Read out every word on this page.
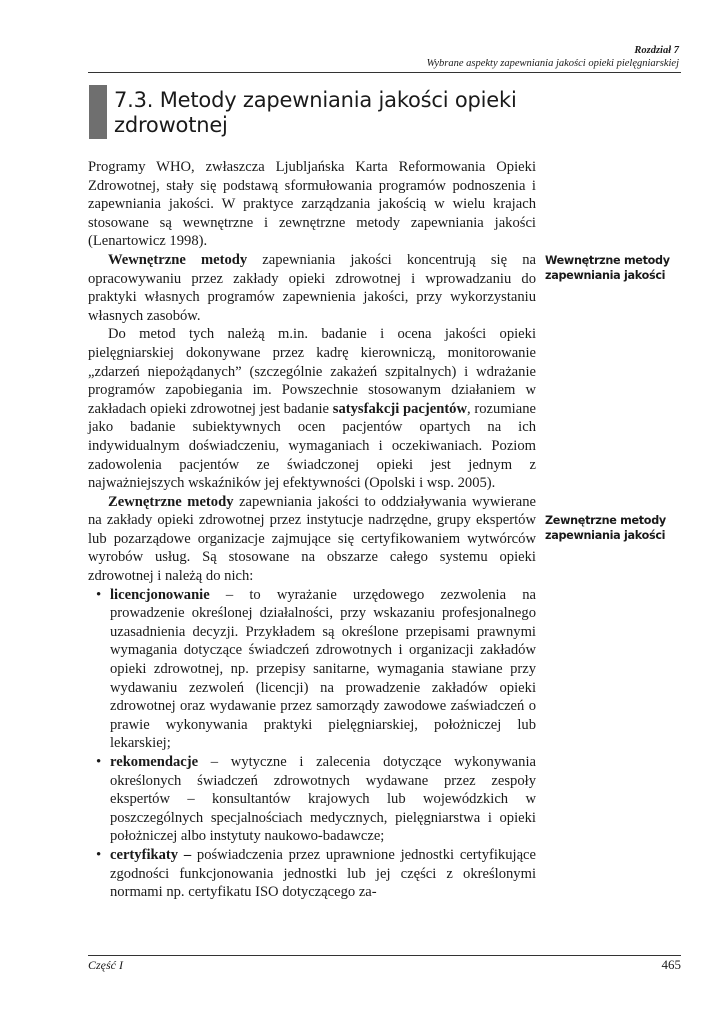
Rozdział 7
Wybrane aspekty zapewniania jakości opieki pielęgniarskiej
7.3. Metody zapewniania jakości opieki zdrowotnej

Programy WHO, zwłaszcza Ljubljańska Karta Reformowania Opieki Zdrowotnej, stały się podstawą sformułowania programów podnoszenia i zapewniania jakości. W praktyce zarządzania jakością w wielu krajach stosowane są wewnętrzne i zewnętrzne metody zapewniania jakości (Lenartowicz 1998).

Wewnętrzne metody zapewniania jakości koncentrują się na opracowywaniu przez zakłady opieki zdrowotnej i wprowadzaniu do praktyki własnych programów zapewnienia jakości, przy wykorzystaniu własnych zasobów.

Do metod tych należą m.in. badanie i ocena jakości opieki pielęgniarskiej dokonywane przez kadrę kierowniczą, monitorowanie „zdarzeń niepożądanych” (szczególnie zakażeń szpitalnych) i wdrażanie programów zapobiegania im. Powszechnie stosowanym działaniem w zakładach opieki zdrowotnej jest badanie satysfakcji pacjentów, rozumiane jako badanie subiektywnych ocen pacjentów opartych na ich indywidualnym doświadczeniu, wymaganiach i oczekiwaniach. Poziom zadowolenia pacjentów ze świadczonej opieki jest jednym z najważniejszych wskaźników jej efektywności (Opolski i wsp. 2005).

Zewnętrzne metody zapewniania jakości to oddziaływania wywierane na zakłady opieki zdrowotnej przez instytucje nadrzędne, grupy ekspertów lub pozarządowe organizacje zajmujące się certyfikowaniem wytwórców wyrobów usług. Są stosowane na obszarze całego systemu opieki zdrowotnej i należą do nich:

• licencjonowanie – to wyrażanie urzędowego zezwolenia na prowadzenie określonej działalności, przy wskazaniu profesjonalnego uzasadnienia decyzji. Przykładem są określone przepisami prawnymi wymagania dotyczące świadczeń zdrowotnych i organizacji zakładów opieki zdrowotnej, np. przepisy sanitarne, wymagania stawiane przy wydawaniu zezwoleń (licencji) na prowadzenie zakładów opieki zdrowotnej oraz wydawanie przez samorządy zawodowe zaświadczeń o prawie wykonywania praktyki pielęgniarskiej, położniczej lub lekarskiej;
• rekomendacje – wytyczne i zalecenia dotyczące wykonywania określonych świadczeń zdrowotnych wydawane przez zespoły ekspertów – konsultantów krajowych lub wojewódzkich w poszczególnych specjalnościach medycznych, pielęgniarstwa i opieki położniczej albo instytuty naukowo-badawcze;
• certyfikaty – poświadczenia przez uprawnione jednostki certyfikujące zgodności funkcjonowania jednostki lub jej części z określonymi normami np. certyfikatu ISO dotyczącego za-
Wewnętrzne metody zapewniania jakości
Zewnętrzne metody zapewniania jakości
Część I	465
